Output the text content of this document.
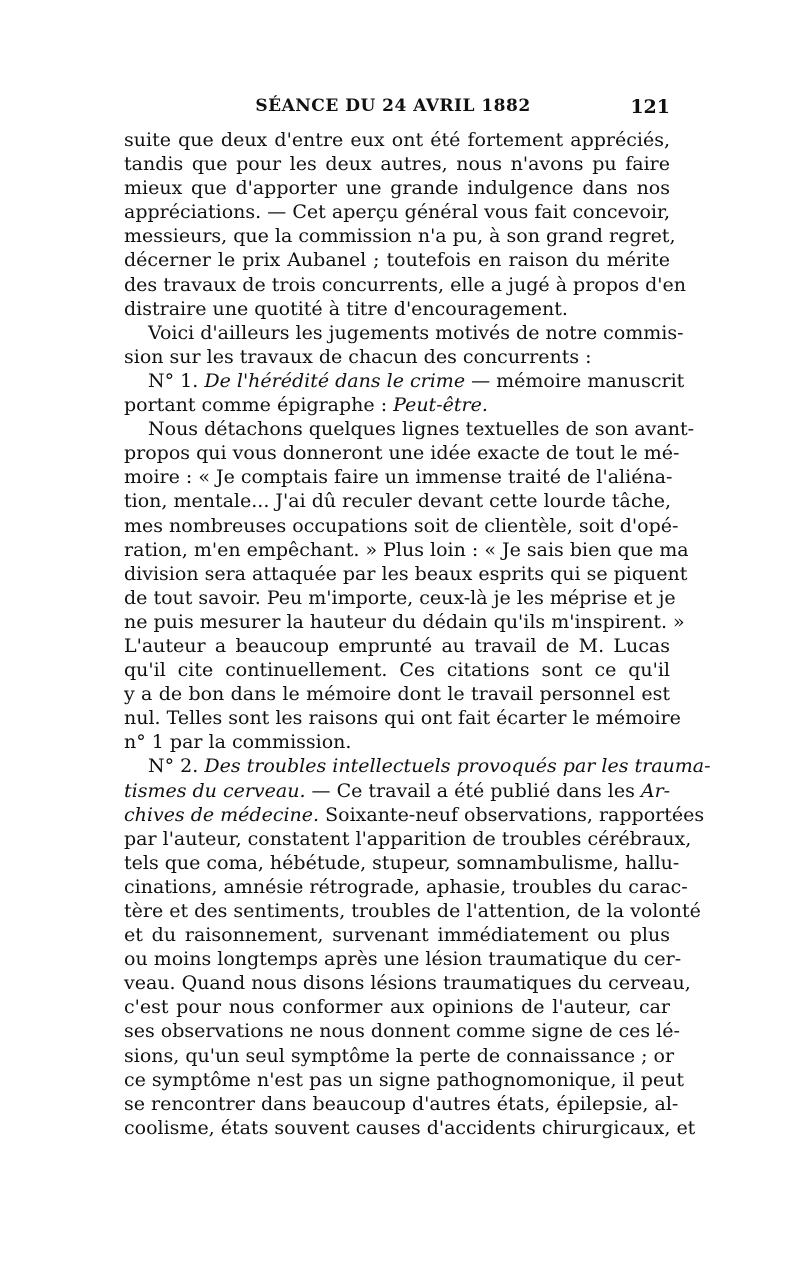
SÉANCE DU 24 AVRIL 1882	121
suite que deux d'entre eux ont été fortement appréciés,
tandis que pour les deux autres, nous n'avons pu faire
mieux que d'apporter une grande indulgence dans nos
appréciations. — Cet aperçu général vous fait concevoir,
messieurs, que la commission n'a pu, à son grand regret,
décerner le prix Aubanel ; toutefois en raison du mérite
des travaux de trois concurrents, elle a jugé à propos d'en
distraire une quotité à titre d'encouragement.
Voici d'ailleurs les jugements motivés de notre commis-
sion sur les travaux de chacun des concurrents :
N° 1. De l'hérédité dans le crime — mémoire manuscrit
portant comme épigraphe : Peut-être.
Nous détachons quelques lignes textuelles de son avant-
propos qui vous donneront une idée exacte de tout le mé-
moire : « Je comptais faire un immense traité de l'aliéna-
tion, mentale... J'ai dû reculer devant cette lourde tâche,
mes nombreuses occupations soit de clientèle, soit d'opé-
ration, m'en empêchant. » Plus loin : « Je sais bien que ma
division sera attaquée par les beaux esprits qui se piquent
de tout savoir. Peu m'importe, ceux-là je les méprise et je
ne puis mesurer la hauteur du dédain qu'ils m'inspirent. »
L'auteur a beaucoup emprunté au travail de M. Lucas
qu'il cite continuellement. Ces citations sont ce qu'il
y a de bon dans le mémoire dont le travail personnel est
nul. Telles sont les raisons qui ont fait écarter le mémoire
n° 1 par la commission.
N° 2. Des troubles intellectuels provoqués par les trauma-
tismes du cerveau. — Ce travail a été publié dans les Ar-
chives de médecine. Soixante-neuf observations, rapportées
par l'auteur, constatent l'apparition de troubles cérébraux,
tels que coma, hébétude, stupeur, somnambulisme, hallu-
cinations, amnésie rétrograde, aphasie, troubles du carac-
tère et des sentiments, troubles de l'attention, de la volonté
et du raisonnement, survenant immédiatement ou plus
ou moins longtemps après une lésion traumatique du cer-
veau. Quand nous disons lésions traumatiques du cerveau,
c'est pour nous conformer aux opinions de l'auteur, car
ses observations ne nous donnent comme signe de ces lé-
sions, qu'un seul symptôme la perte de connaissance ; or
ce symptôme n'est pas un signe pathognomonique, il peut
se rencontrer dans beaucoup d'autres états, épilepsie, al-
coolisme, états souvent causes d'accidents chirurgicaux, et
